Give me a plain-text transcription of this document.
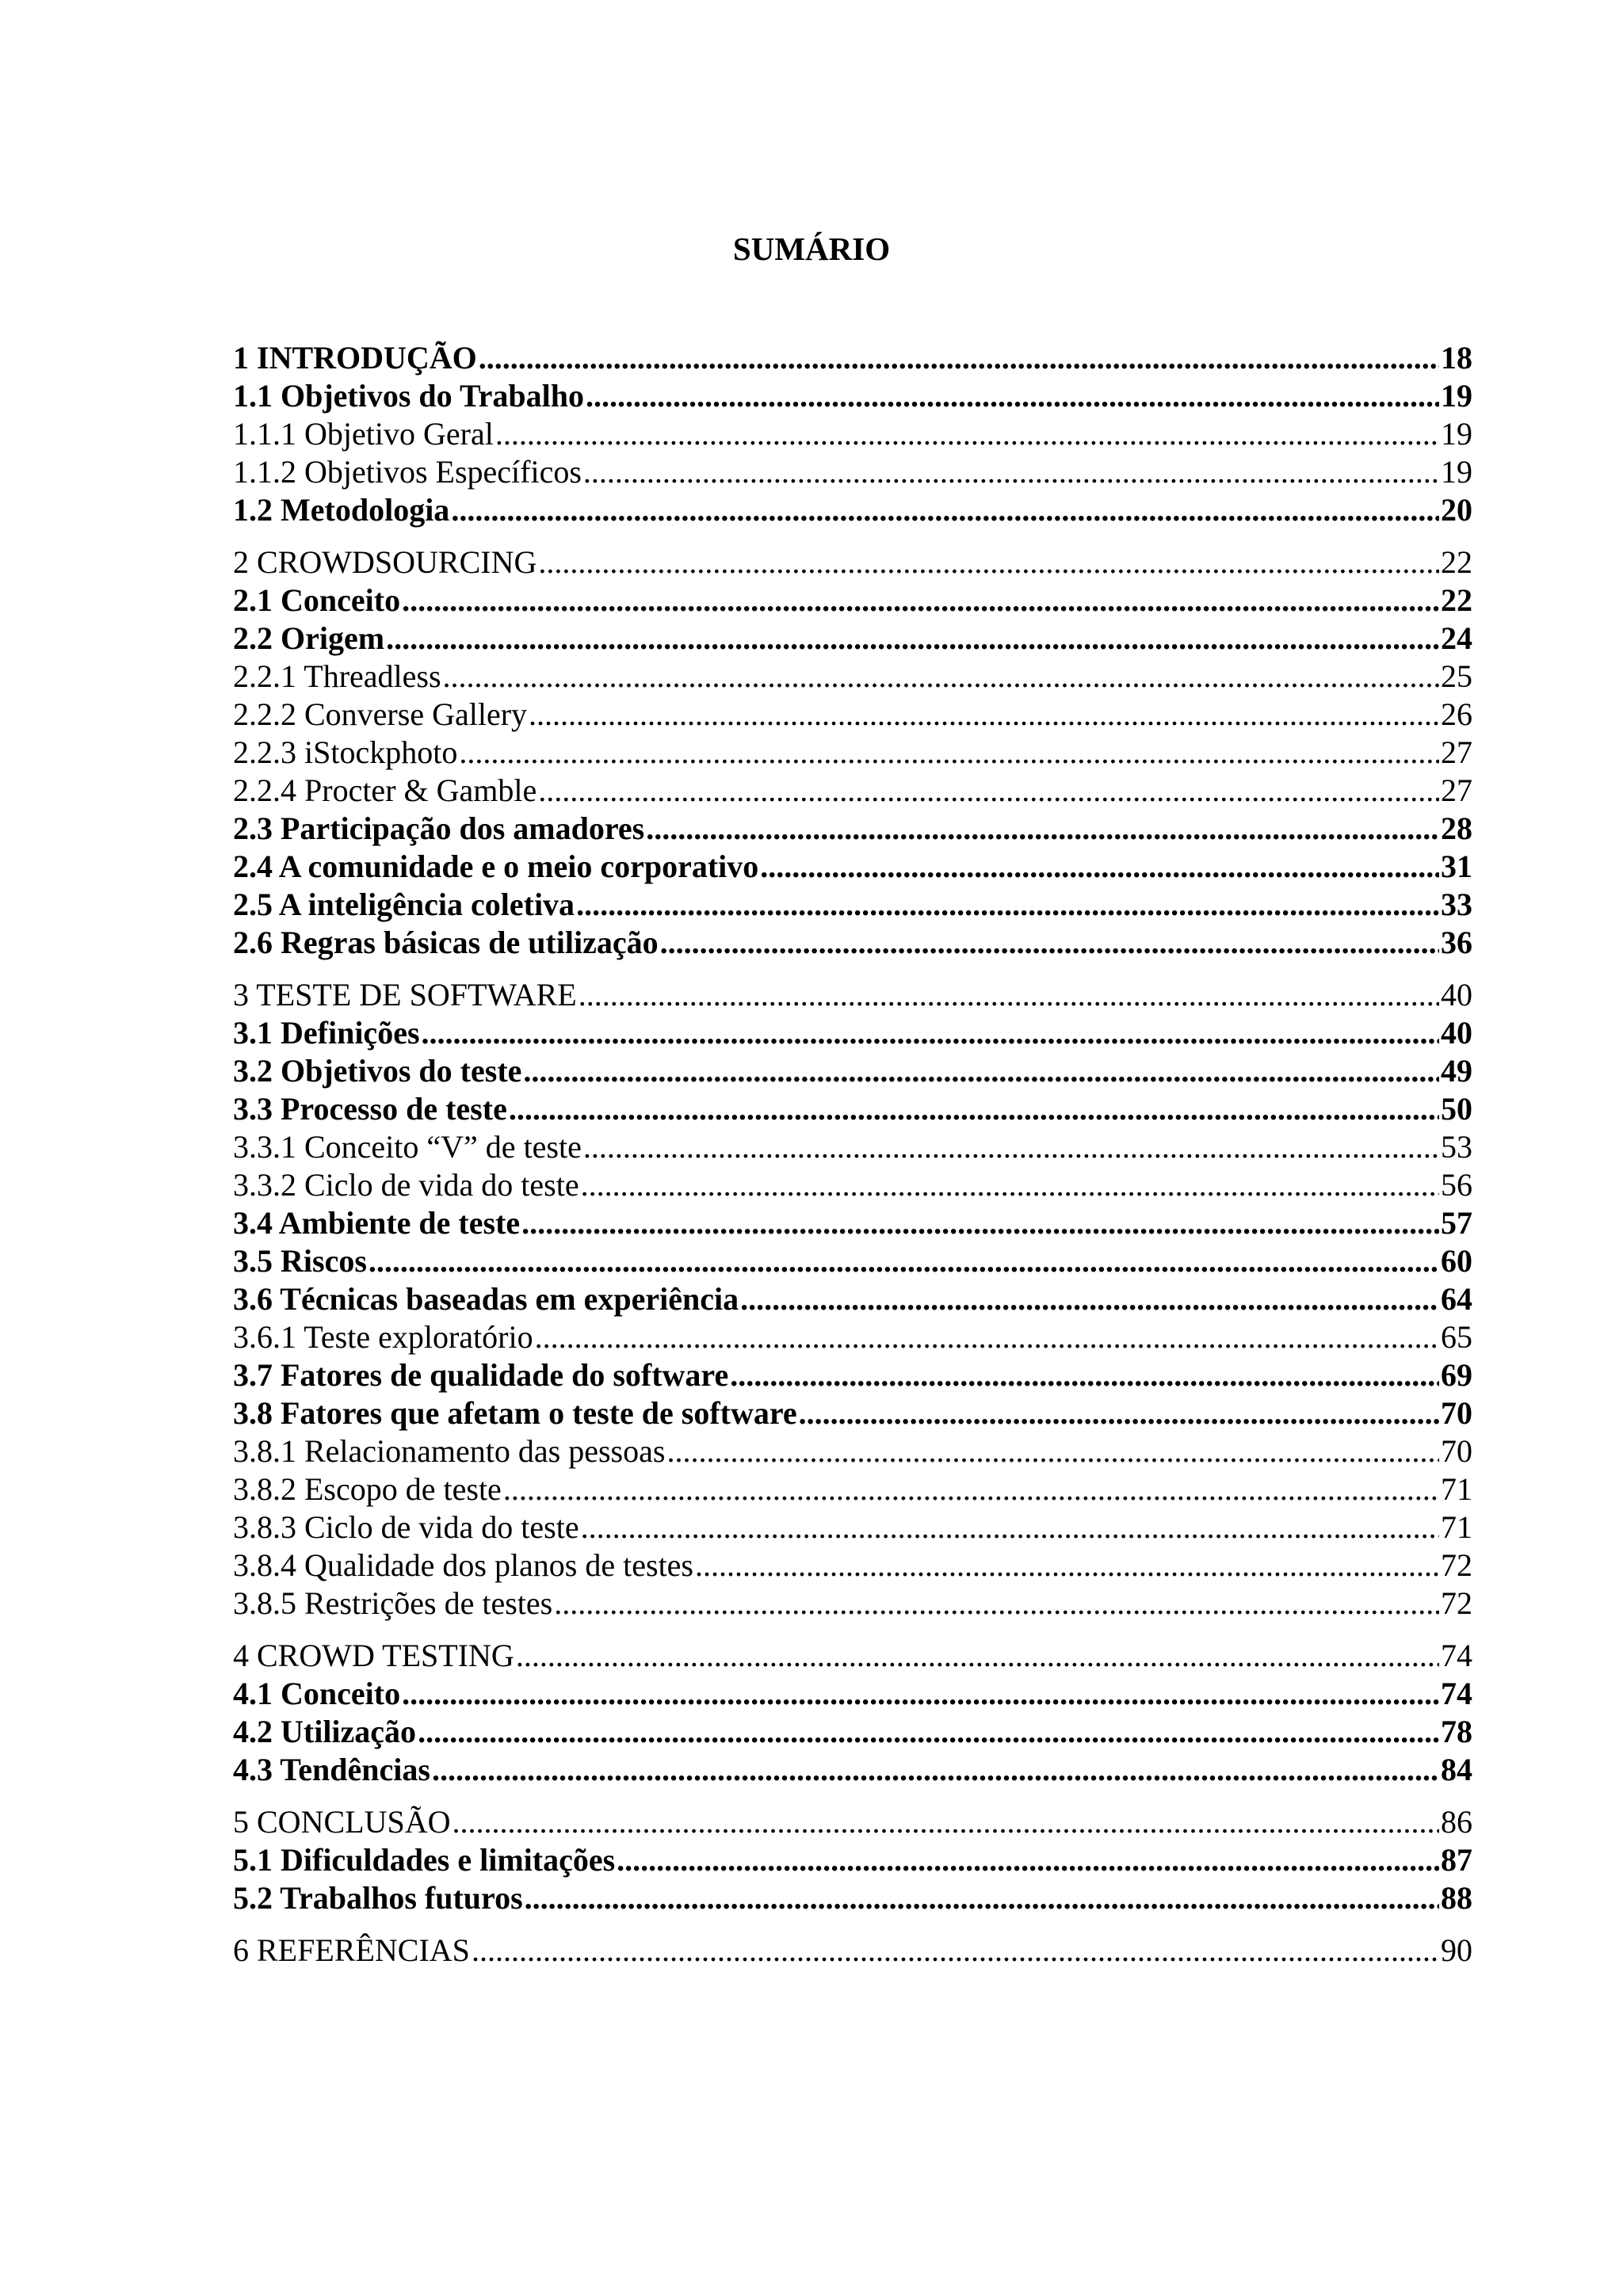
SUMÁRIO
1 INTRODUÇÃO .....	18
1.1 Objetivos do Trabalho .....	19
1.1.1 Objetivo Geral .....	19
1.1.2 Objetivos Específicos .....	19
1.2 Metodologia .....	20
2 CROWDSOURCING .....	22
2.1 Conceito .....	22
2.2 Origem .....	24
2.2.1 Threadless .....	25
2.2.2 Converse Gallery .....	26
2.2.3 iStockphoto .....	27
2.2.4 Procter & Gamble .....	27
2.3 Participação dos amadores .....	28
2.4 A comunidade e o meio corporativo .....	31
2.5 A inteligência coletiva .....	33
2.6 Regras básicas de utilização .....	36
3 TESTE DE SOFTWARE .....	40
3.1 Definições .....	40
3.2 Objetivos do teste .....	49
3.3 Processo de teste .....	50
3.3.1 Conceito “V” de teste .....	53
3.3.2 Ciclo de vida do teste .....	56
3.4 Ambiente de teste .....	57
3.5 Riscos .....	60
3.6 Técnicas baseadas em experiência .....	64
3.6.1 Teste exploratório .....	65
3.7 Fatores de qualidade do software .....	69
3.8 Fatores que afetam o teste de software .....	70
3.8.1 Relacionamento das pessoas .....	70
3.8.2 Escopo de teste .....	71
3.8.3 Ciclo de vida do teste .....	71
3.8.4 Qualidade dos planos de testes .....	72
3.8.5 Restrições de testes .....	72
4 CROWD TESTING .....	74
4.1 Conceito .....	74
4.2 Utilização .....	78
4.3 Tendências .....	84
5 CONCLUSÃO .....	86
5.1 Dificuldades e limitações .....	87
5.2 Trabalhos futuros .....	88
6 REFERÊNCIAS .....	90
